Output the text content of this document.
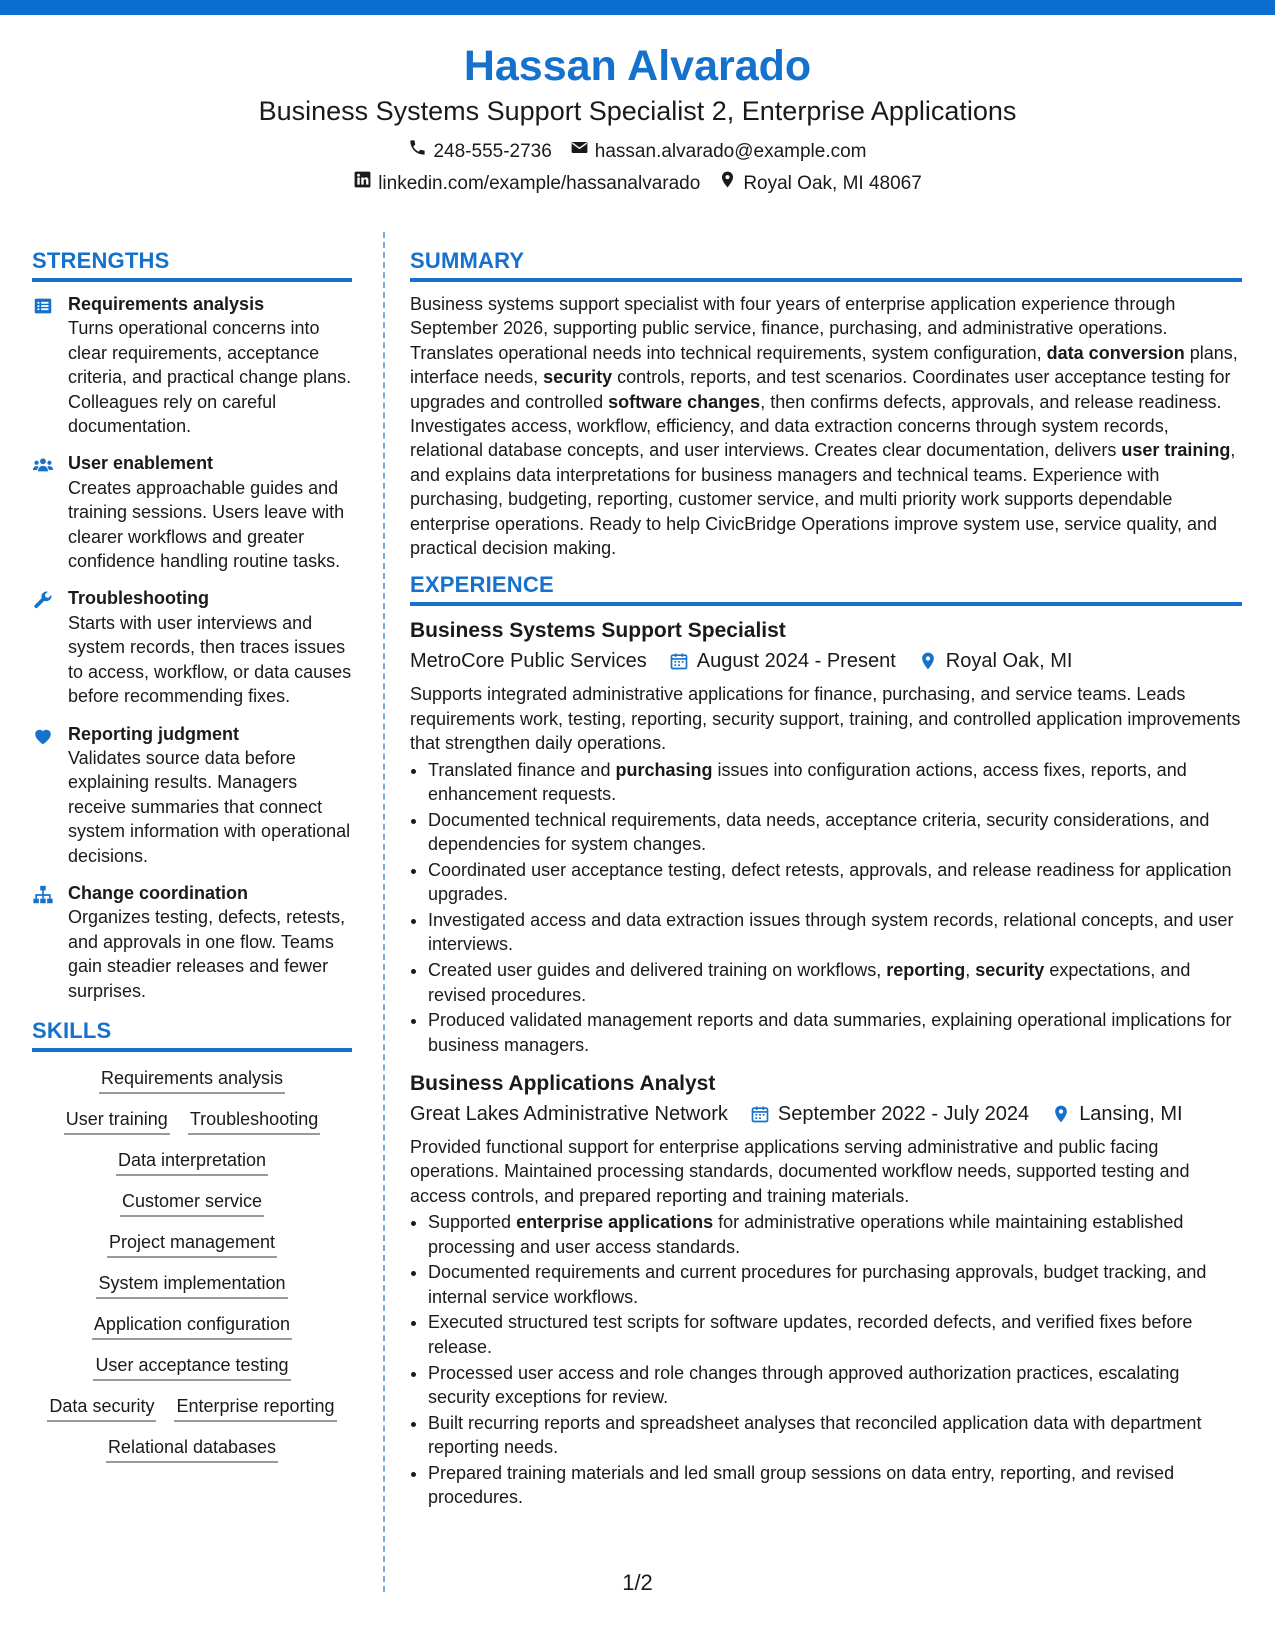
Hassan Alvarado
Business Systems Support Specialist 2, Enterprise Applications
248-555-2736 hassan.alvarado@example.com
linkedin.com/example/hassanalvarado Royal Oak, MI 48067
STRENGTHS
Requirements analysis
Turns operational concerns into clear requirements, acceptance criteria, and practical change plans. Colleagues rely on careful documentation.
User enablement
Creates approachable guides and training sessions. Users leave with clearer workflows and greater confidence handling routine tasks.
Troubleshooting
Starts with user interviews and system records, then traces issues to access, workflow, or data causes before recommending fixes.
Reporting judgment
Validates source data before explaining results. Managers receive summaries that connect system information with operational decisions.
Change coordination
Organizes testing, defects, retests, and approvals in one flow. Teams gain steadier releases and fewer surprises.
SKILLS
Requirements analysis
User training Troubleshooting
Data interpretation
Customer service
Project management
System implementation
Application configuration
User acceptance testing
Data security Enterprise reporting
Relational databases
SUMMARY
Business systems support specialist with four years of enterprise application experience through September 2026, supporting public service, finance, purchasing, and administrative operations. Translates operational needs into technical requirements, system configuration, data conversion plans, interface needs, security controls, reports, and test scenarios. Coordinates user acceptance testing for upgrades and controlled software changes, then confirms defects, approvals, and release readiness. Investigates access, workflow, efficiency, and data extraction concerns through system records, relational database concepts, and user interviews. Creates clear documentation, delivers user training, and explains data interpretations for business managers and technical teams. Experience with purchasing, budgeting, reporting, customer service, and multi priority work supports dependable enterprise operations. Ready to help CivicBridge Operations improve system use, service quality, and practical decision making.
EXPERIENCE
Business Systems Support Specialist
MetroCore Public Services	August 2024 - Present	Royal Oak, MI
Supports integrated administrative applications for finance, purchasing, and service teams. Leads requirements work, testing, reporting, security support, training, and controlled application improvements that strengthen daily operations.
• Translated finance and purchasing issues into configuration actions, access fixes, reports, and enhancement requests.
• Documented technical requirements, data needs, acceptance criteria, security considerations, and dependencies for system changes.
• Coordinated user acceptance testing, defect retests, approvals, and release readiness for application upgrades.
• Investigated access and data extraction issues through system records, relational concepts, and user interviews.
• Created user guides and delivered training on workflows, reporting, security expectations, and revised procedures.
• Produced validated management reports and data summaries, explaining operational implications for business managers.
Business Applications Analyst
Great Lakes Administrative Network	September 2022 - July 2024	Lansing, MI
Provided functional support for enterprise applications serving administrative and public facing operations. Maintained processing standards, documented workflow needs, supported testing and access controls, and prepared reporting and training materials.
• Supported enterprise applications for administrative operations while maintaining established processing and user access standards.
• Documented requirements and current procedures for purchasing approvals, budget tracking, and internal service workflows.
• Executed structured test scripts for software updates, recorded defects, and verified fixes before release.
• Processed user access and role changes through approved authorization practices, escalating security exceptions for review.
• Built recurring reports and spreadsheet analyses that reconciled application data with department reporting needs.
• Prepared training materials and led small group sessions on data entry, reporting, and revised procedures.
1/2
